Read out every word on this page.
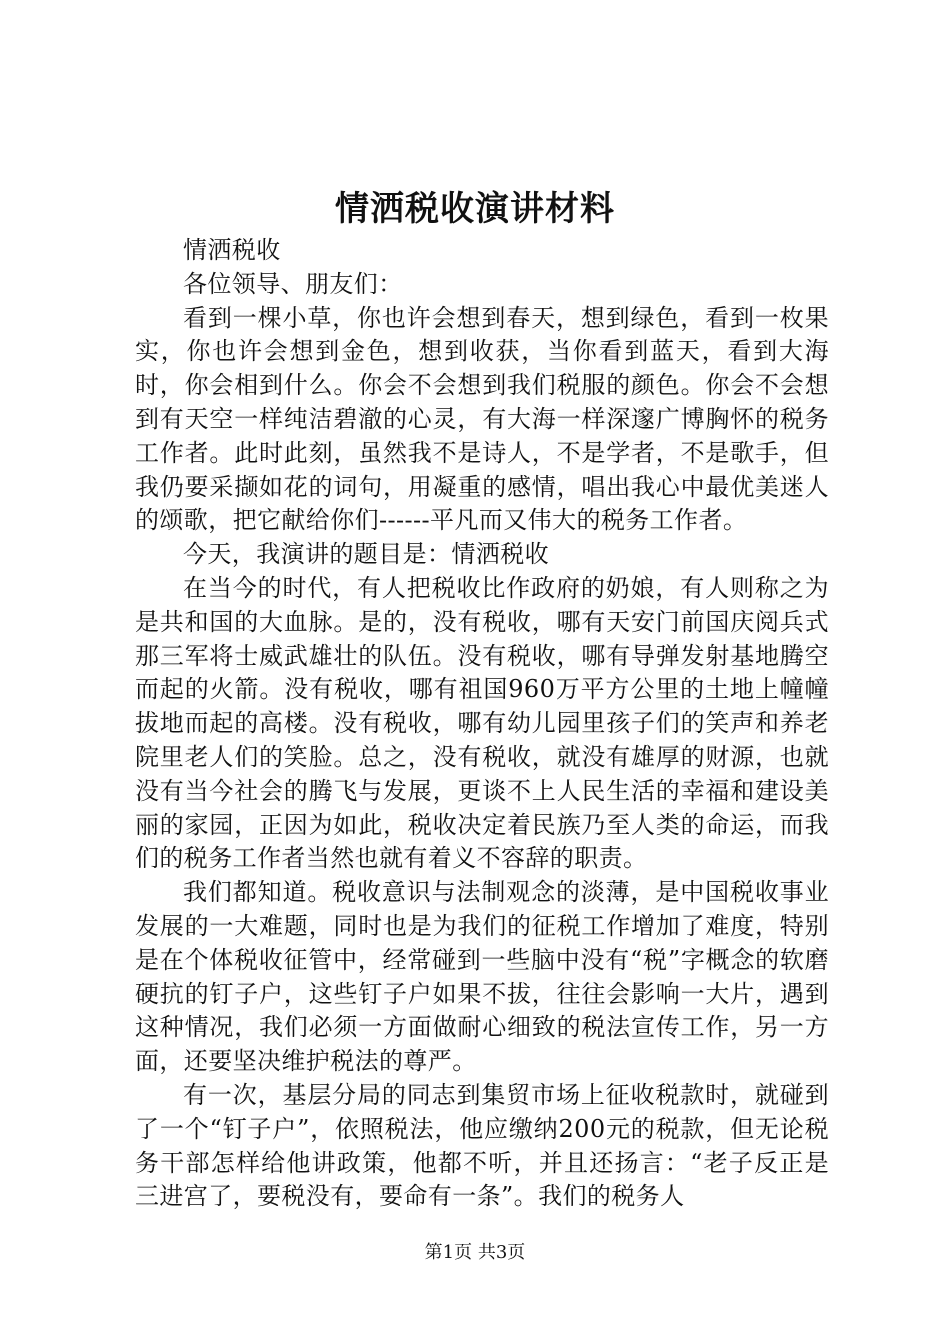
情洒税收演讲材料

情洒税收

各位领导、朋友们：

看到一棵小草，你也许会想到春天，想到绿色，看到一枚果实，你也许会想到金色，想到收获，当你看到蓝天，看到大海时，你会相到什么。你会不会想到我们税服的颜色。你会不会想到有天空一样纯洁碧澈的心灵，有大海一样深邃广博胸怀的税务工作者。此时此刻，虽然我不是诗人，不是学者，不是歌手，但我仍要采撷如花的词句，用凝重的感情，唱出我心中最优美迷人的颂歌，把它献给你们------平凡而又伟大的税务工作者。

今天，我演讲的题目是：情洒税收

在当今的时代，有人把税收比作政府的奶娘，有人则称之为是共和国的大血脉。是的，没有税收，哪有天安门前国庆阅兵式那三军将士威武雄壮的队伍。没有税收，哪有导弹发射基地腾空而起的火箭。没有税收，哪有祖国960万平方公里的土地上幢幢拔地而起的高楼。没有税收，哪有幼儿园里孩子们的笑声和养老院里老人们的笑脸。总之，没有税收，就没有雄厚的财源，也就没有当今社会的腾飞与发展，更谈不上人民生活的幸福和建设美丽的家园，正因为如此，税收决定着民族乃至人类的命运，而我们的税务工作者当然也就有着义不容辞的职责。

我们都知道。税收意识与法制观念的淡薄，是中国税收事业发展的一大难题，同时也是为我们的征税工作增加了难度，特别是在个体税收征管中，经常碰到一些脑中没有“税”字概念的软磨硬抗的钉子户，这些钉子户如果不拔，往往会影响一大片，遇到这种情况，我们必须一方面做耐心细致的税法宣传工作，另一方面，还要坚决维护税法的尊严。

有一次，基层分局的同志到集贸市场上征收税款时，就碰到了一个“钉子户”，依照税法，他应缴纳200元的税款，但无论税务干部怎样给他讲政策，他都不听，并且还扬言：“老子反正是三进宫了，要税没有，要命有一条”。我们的税务人

第1页 共3页
